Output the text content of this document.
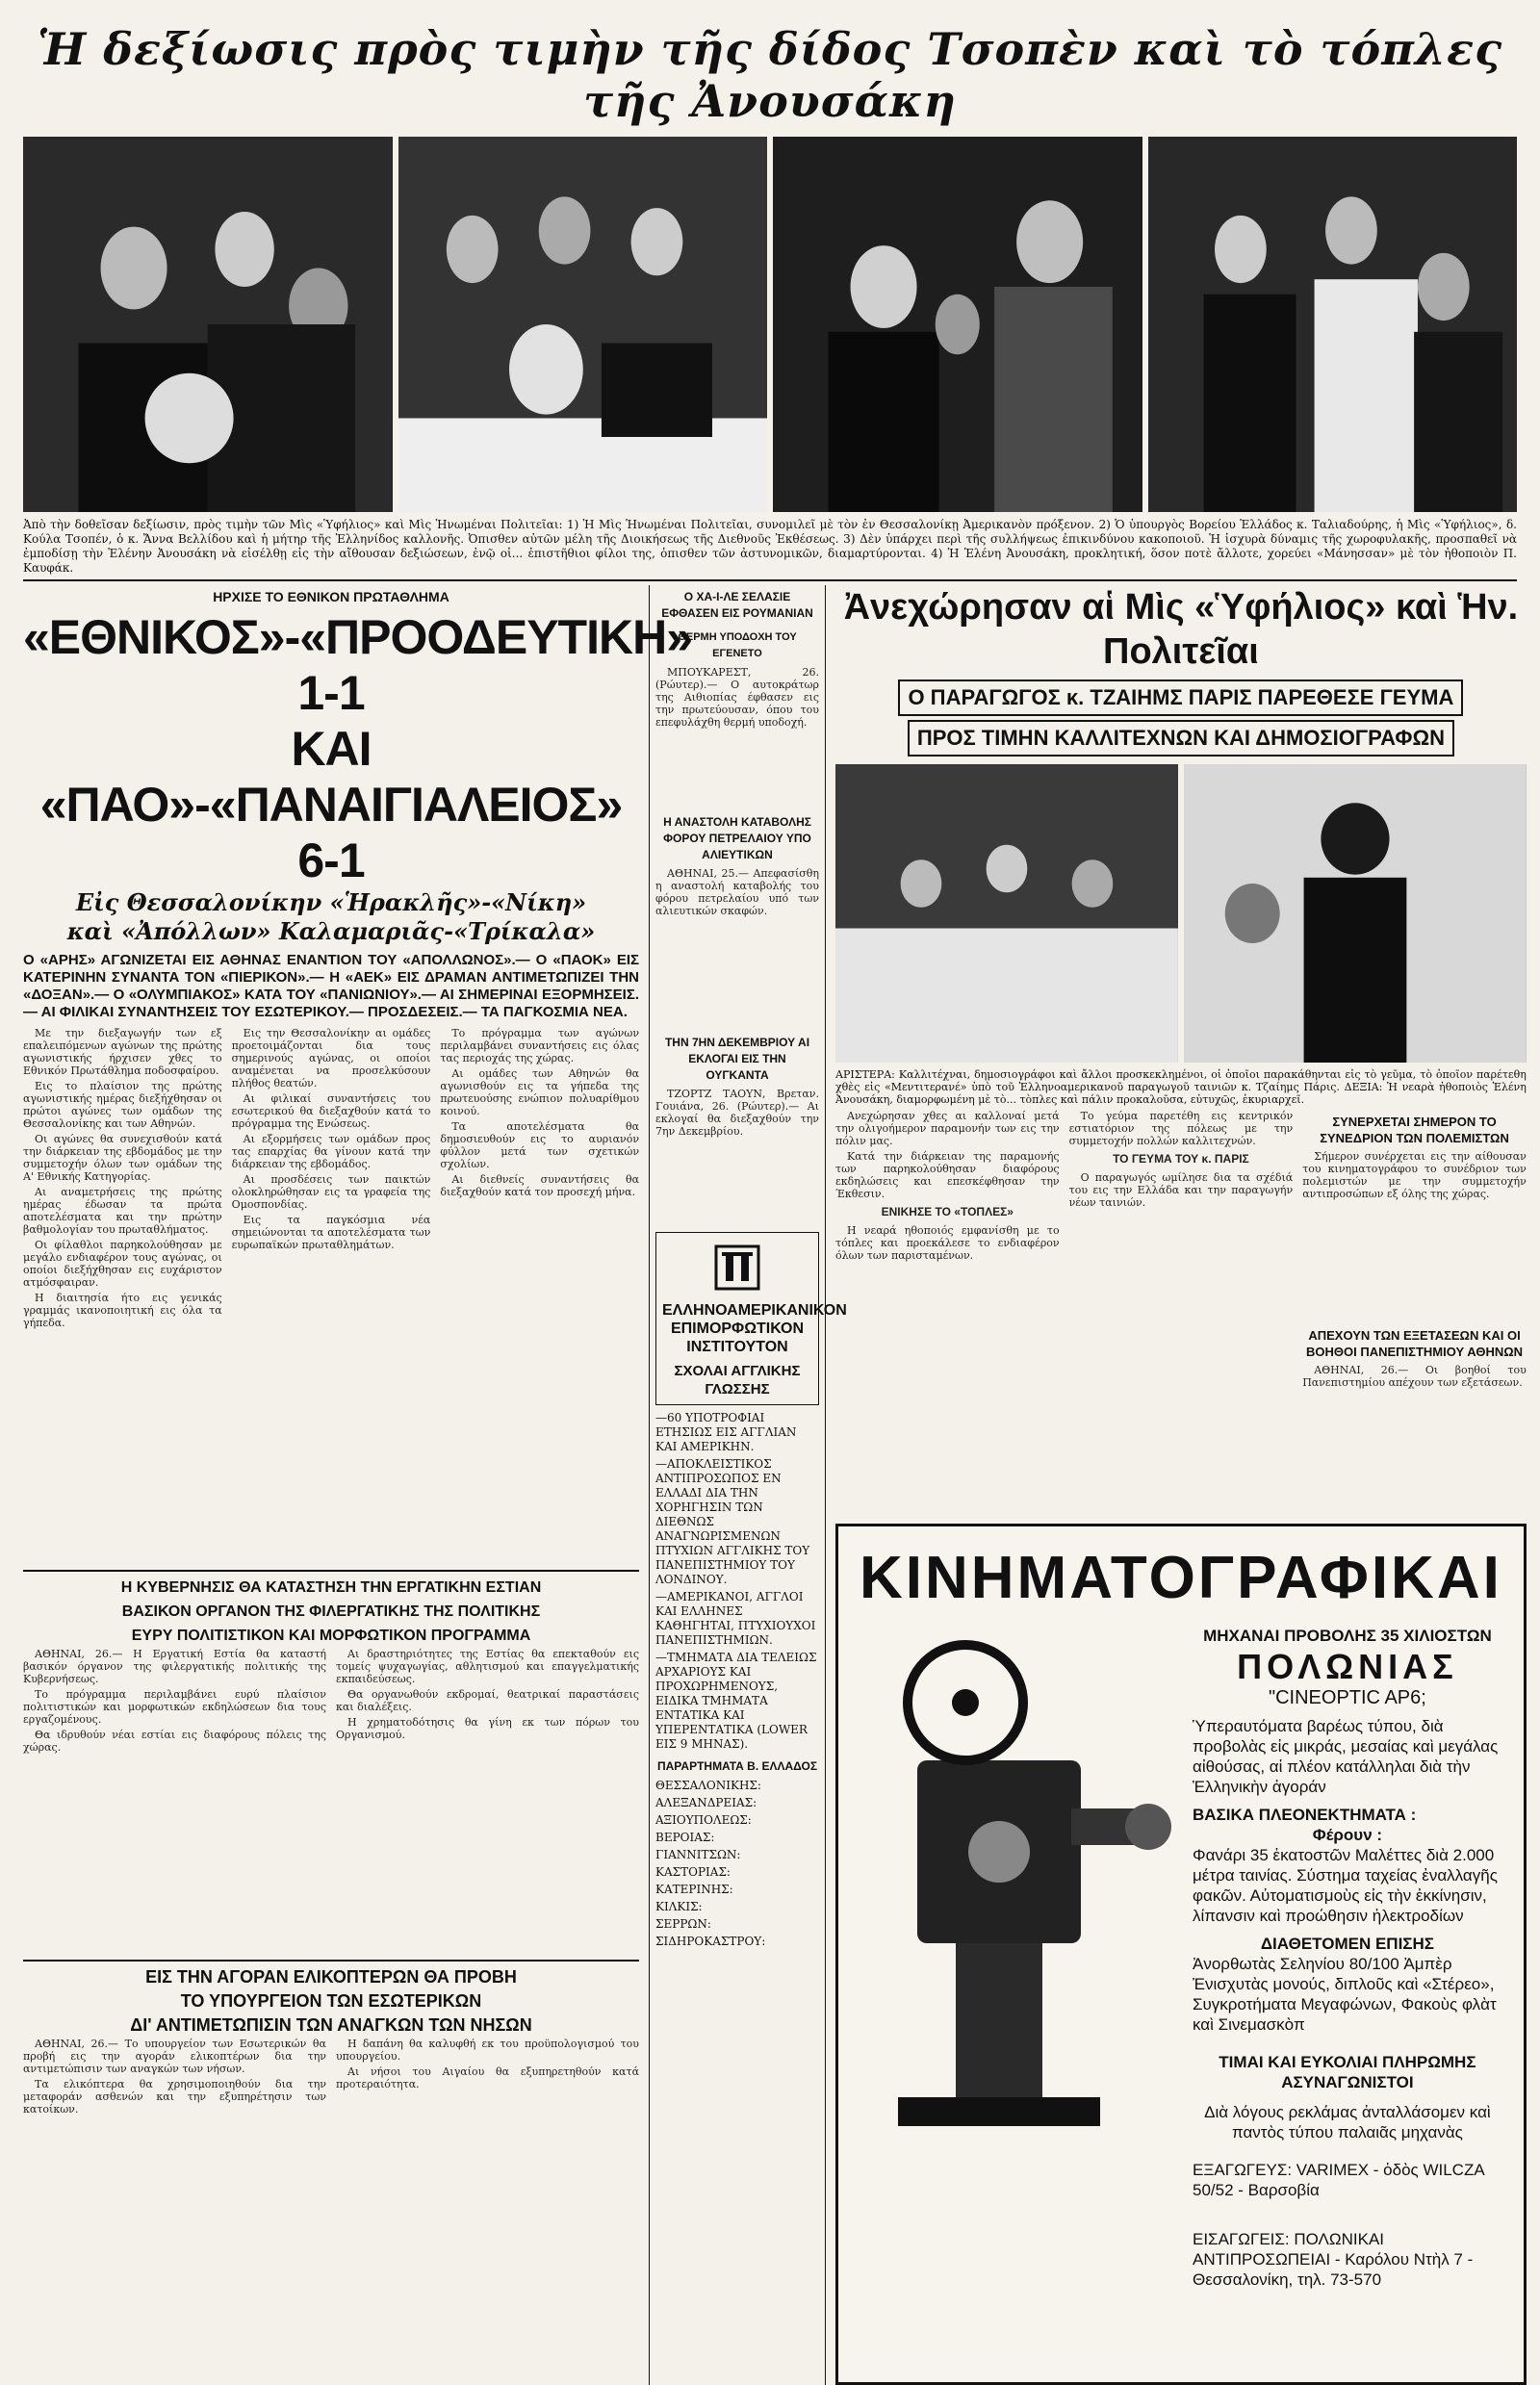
Ἡ δεξίωσις πρὸς τιμὴν τῆς δίδος Τσοπὲν καὶ τὸ τόπλες τῆς Ἀνουσάκη
Ἀπὸ τὴν δοθεῖσαν δεξίωσιν, πρὸς τιμὴν τῶν Μὶς «Ὑφήλιος» καὶ Μὶς Ἡνωμέναι Πολιτεῖαι: 1) Ἡ Μὶς Ἡνωμέναι Πολιτεῖαι, συνομιλεῖ μὲ τὸν ἐν Θεσσαλονίκῃ Ἀμερικανὸν πρόξενον. 2) Ὁ ὑπουργὸς Βορείου Ἑλλάδος κ. Ταλιαδούρης, ἡ Μὶς «Ὑφήλιος», δ. Κούλα Τσοπέν, ὁ κ. Ἄννα Βελλίδου καὶ ἡ μήτηρ τῆς Ἑλληνίδος καλλονῆς. Ὀπισθεν αὐτῶν μέλη τῆς Διοικήσεως τῆς Διεθνοῦς Ἐκθέσεως. 3) Δὲν ὑπάρχει περὶ τῆς συλλήψεως ἐπικινδύνου κακοποιοῦ. Ἡ ἰσχυρὰ δύναμις τῆς χωροφυλακῆς, προσπαθεῖ νὰ ἐμποδίσῃ τὴν Ἑλένην Ἀνουσάκη νὰ εἰσέλθῃ εἰς τὴν αἴθουσαν δεξιώσεων, ἐνῷ οἱ... ἐπιστῆθιοι φίλοι της, ὀπισθεν τῶν ἀστυνομικῶν, διαμαρτύρονται. 4) Ἡ Ἑλένη Ἀνουσάκη, προκλητική, ὅσον ποτὲ ἄλλοτε, χορεύει «Μάνησσαν» μὲ τὸν ἠθοποιὸν Π. Καυφάκ.
ΗΡΧΙΣΕ ΤΟ ΕΘΝΙΚΟΝ ΠΡΩΤΑΘΛΗΜΑ
«ΕΘΝΙΚΟΣ»-«ΠΡΟΟΔΕΥΤΙΚΗ» 1-1
ΚΑΙ «ΠΑΟ»-«ΠΑΝΑΙΓΙΑΛΕΙΟΣ» 6-1
Εἰς Θεσσαλονίκην «Ἡρακλῆς»-«Νίκη»
καὶ «Ἀπόλλων» Καλαμαριᾶς-«Τρίκαλα»
Ο «ΑΡΗΣ» ΑΓΩΝΙΖΕΤΑΙ ΕΙΣ ΑΘΗΝΑΣ ΕΝΑΝΤΙΟΝ ΤΟΥ «ΑΠΟΛΛΩΝΟΣ».— Ο «ΠΑΟΚ» ΕΙΣ ΚΑΤΕΡΙΝΗΝ ΣΥΝΑΝΤΑ ΤΟΝ «ΠΙΕΡΙΚΟΝ».— Η «ΑΕΚ» ΕΙΣ ΔΡΑΜΑΝ ΑΝΤΙΜΕΤΩΠΙΖΕΙ ΤΗΝ «ΔΟΞΑΝ».— Ο «ΟΛΥΜΠΙΑΚΟΣ» ΚΑΤΑ ΤΟΥ «ΠΑΝΙΩΝΙΟΥ».— ΑΙ ΣΗΜΕΡΙΝΑΙ ΕΞΟΡΜΗΣΕΙΣ.— ΑΙ ΦΙΛΙΚΑΙ ΣΥΝΑΝΤΗΣΕΙΣ ΤΟΥ ΕΣΩΤΕΡΙΚΟΥ.— ΠΡΟΣΔΕΣΕΙΣ.— ΤΑ ΠΑΓΚΟΣΜΙΑ ΝΕΑ.

Με την διεξαγωγήν των εξ επαλειπόμενων αγώνων της πρώτης αγωνιστικής ήρχισεν χθες το Εθνικόν Πρωτάθλημα ποδοσφαίρου.

Εις το πλαίσιον της πρώτης αγωνιστικής ημέρας διεξήχθησαν οι πρώτοι αγώνες των ομάδων της Θεσσαλονίκης και των Αθηνών.

Οι αγώνες θα συνεχισθούν κατά την διάρκειαν της εβδομάδος με την συμμετοχήν όλων των ομάδων της Α' Εθνικής Κατηγορίας.

Αι αναμετρήσεις της πρώτης ημέρας έδωσαν τα πρώτα αποτελέσματα και την πρώτην βαθμολογίαν του πρωταθλήματος.

Οι φίλαθλοι παρηκολούθησαν με μεγάλο ενδιαφέρον τους αγώνας, οι οποίοι διεξήχθησαν εις ευχάριστον ατμόσφαιραν.

Η διαιτησία ήτο εις γενικάς γραμμάς ικανοποιητική εις όλα τα γήπεδα.

Εις την Θεσσαλονίκην αι ομάδες προετοιμάζονται δια τους σημερινούς αγώνας, οι οποίοι αναμένεται να προσελκύσουν πλήθος θεατών.

Αι φιλικαί συναντήσεις του εσωτερικού θα διεξαχθούν κατά το πρόγραμμα της Ενώσεως.

Αι εξορμήσεις των ομάδων προς τας επαρχίας θα γίνουν κατά την διάρκειαν της εβδομάδος.

Αι προσδέσεις των παικτών ολοκληρώθησαν εις τα γραφεία της Ομοσπονδίας.

Εις τα παγκόσμια νέα σημειώνονται τα αποτελέσματα των ευρωπαϊκών πρωταθλημάτων.

Το πρόγραμμα των αγώνων περιλαμβάνει συναντήσεις εις όλας τας περιοχάς της χώρας.

Αι ομάδες των Αθηνών θα αγωνισθούν εις τα γήπεδα της πρωτευούσης ενώπιον πολυαρίθμου κοινού.

Τα αποτελέσματα θα δημοσιευθούν εις το αυριανόν φύλλον μετά των σχετικών σχολίων.

Αι διεθνείς συναντήσεις θα διεξαχθούν κατά τον προσεχή μήνα.

Η ΚΥΒΕΡΝΗΣΙΣ ΘΑ ΚΑΤΑΣΤΗΣΗ ΤΗΝ ΕΡΓΑΤΙΚΗΝ ΕΣΤΙΑΝ
ΒΑΣΙΚΟΝ ΟΡΓΑΝΟΝ ΤΗΣ ΦΙΛΕΡΓΑΤΙΚΗΣ ΤΗΣ ΠΟΛΙΤΙΚΗΣ
ΕΥΡΥ ΠΟΛΙΤΙΣΤΙΚΟΝ ΚΑΙ ΜΟΡΦΩΤΙΚΟΝ ΠΡΟΓΡΑΜΜΑ

ΑΘΗΝΑΙ, 26.— Η Εργατική Εστία θα καταστή βασικόν όργανον της φιλεργατικής πολιτικής της Κυβερνήσεως.

Το πρόγραμμα περιλαμβάνει ευρύ πλαίσιον πολιτιστικών και μορφωτικών εκδηλώσεων δια τους εργαζομένους.

Θα ιδρυθούν νέαι εστίαι εις διαφόρους πόλεις της χώρας.

Αι δραστηριότητες της Εστίας θα επεκταθούν εις τομείς ψυχαγωγίας, αθλητισμού και επαγγελματικής εκπαιδεύσεως.

Θα οργανωθούν εκδρομαί, θεατρικαί παραστάσεις και διαλέξεις.

Η χρηματοδότησις θα γίνη εκ των πόρων του Οργανισμού.

ΕΙΣ ΤΗΝ ΑΓΟΡΑΝ ΕΛΙΚΟΠΤΕΡΩΝ ΘΑ ΠΡΟΒΗ
ΤΟ ΥΠΟΥΡΓΕΙΟΝ ΤΩΝ ΕΣΩΤΕΡΙΚΩΝ
ΔΙ' ΑΝΤΙΜΕΤΩΠΙΣΙΝ ΤΩΝ ΑΝΑΓΚΩΝ ΤΩΝ ΝΗΣΩΝ

ΑΘΗΝΑΙ, 26.— Το υπουργείον των Εσωτερικών θα προβή εις την αγοράν ελικοπτέρων δια την αντιμετώπισιν των αναγκών των νήσων.

Τα ελικόπτερα θα χρησιμοποιηθούν δια την μεταφοράν ασθενών και την εξυπηρέτησιν των κατοίκων.

Η δαπάνη θα καλυφθή εκ του προϋπολογισμού του υπουργείου.

Αι νήσοι του Αιγαίου θα εξυπηρετηθούν κατά προτεραιότητα.

Ο ΧΑ-Ι-ΛΕ ΣΕΛΑΣΙΕ ΕΦΘΑΣΕΝ ΕΙΣ ΡΟΥΜΑΝΙΑΝ
ΘΕΡΜΗ ΥΠΟΔΟΧΗ ΤΟΥ ΕΓΕΝΕΤΟ

ΜΠΟΥΚΑΡΕΣΤ, 26. (Ρώυτερ).— Ο αυτοκράτωρ της Αιθιοπίας έφθασεν εις την πρωτεύουσαν, όπου του επεφυλάχθη θερμή υποδοχή.

Η ΑΝΑΣΤΟΛΗ ΚΑΤΑΒΟΛΗΣ ΦΟΡΟΥ ΠΕΤΡΕΛΑΙΟΥ ΥΠΟ ΑΛΙΕΥΤΙΚΩΝ

ΑΘΗΝΑΙ, 25.— Απεφασίσθη η αναστολή καταβολής του φόρου πετρελαίου υπό των αλιευτικών σκαφών.

ΤΗΝ 7ΗΝ ΔΕΚΕΜΒΡΙΟΥ ΑΙ ΕΚΛΟΓΑΙ ΕΙΣ ΤΗΝ ΟΥΓΚΑΝΤΑ

ΤΖΟΡΤΖ ΤΑΟΥΝ, Βρεταν. Γουιάνα, 26. (Ρώυτερ).— Αι εκλογαί θα διεξαχθούν την 7ην Δεκεμβρίου.

ΕΛΛΗΝΟΑΜΕΡΙΚΑΝΙΚΟΝ ΕΠΙΜΟΡΦΩΤΙΚΟΝ ΙΝΣΤΙΤΟΥΤΟΝ
ΣΧΟΛΑΙ ΑΓΓΛΙΚΗΣ ΓΛΩΣΣΗΣ
—60 ΥΠΟΤΡΟΦΙΑΙ ΕΤΗΣΙΩΣ ΕΙΣ ΑΓΓΛΙΑΝ ΚΑΙ ΑΜΕΡΙΚΗΝ.
—ΑΠΟΚΛΕΙΣΤΙΚΟΣ ΑΝΤΙΠΡΟΣΩΠΟΣ ΕΝ ΕΛΛΑΔΙ ΔΙΑ ΤΗΝ ΧΟΡΗΓΗΣΙΝ ΤΩΝ ΔΙΕΘΝΩΣ ΑΝΑΓΝΩΡΙΣΜΕΝΩΝ ΠΤΥΧΙΩΝ ΑΓΓΛΙΚΗΣ ΤΟΥ ΠΑΝΕΠΙΣΤΗΜΙΟΥ ΤΟΥ ΛΟΝΔΙΝΟΥ.
—ΑΜΕΡΙΚΑΝΟΙ, ΑΓΓΛΟΙ ΚΑΙ ΕΛΛΗΝΕΣ ΚΑΘΗΓΗΤΑΙ, ΠΤΥΧΙΟΥΧΟΙ ΠΑΝΕΠΙΣΤΗΜΙΩΝ.
—ΤΜΗΜΑΤΑ ΔΙΑ ΤΕΛΕΙΩΣ ΑΡΧΑΡΙΟΥΣ ΚΑΙ ΠΡΟΧΩΡΗΜΕΝΟΥΣ, ΕΙΔΙΚΑ ΤΜΗΜΑΤΑ ΕΝΤΑΤΙΚΑ ΚΑΙ ΥΠΕΡΕΝΤΑΤΙΚΑ (LOWER ΕΙΣ 9 ΜΗΝΑΣ).
ΠΑΡΑΡΤΗΜΑΤΑ Β. ΕΛΛΑΔΟΣ
ΘΕΣΣΑΛΟΝΙΚΗΣ:
ΑΛΕΞΑΝΔΡΕΙΑΣ:
ΑΞΙΟΥΠΟΛΕΩΣ:
ΒΕΡΟΙΑΣ:
ΓΙΑΝΝΙΤΣΩΝ:
ΚΑΣΤΟΡΙΑΣ:
ΚΑΤΕΡΙΝΗΣ:
ΚΙΛΚΙΣ:
ΣΕΡΡΩΝ:
ΣΙΔΗΡΟΚΑΣΤΡΟΥ:
Ἀνεχώρησαν αἱ Μὶς «Ὑφήλιος» καὶ Ἡν. Πολιτεῖαι
Ο ΠΑΡΑΓΩΓΟΣ κ. ΤΖΑΙΗΜΣ ΠΑΡΙΣ ΠΑΡΕΘΕΣΕ ΓΕΥΜΑ
ΠΡΟΣ ΤΙΜΗΝ ΚΑΛΛΙΤΕΧΝΩΝ ΚΑΙ ΔΗΜΟΣΙΟΓΡΑΦΩΝ
ΑΡΙΣΤΕΡΑ: Καλλιτέχναι, δημοσιογράφοι καὶ ἄλλοι προσκεκλημένοι, οἱ ὁποῖοι παρακάθηνται εἰς τὸ γεῦμα, τὸ ὁποῖον παρέτεθη χθὲς εἰς «Μεντιτερανέ» ὑπὸ τοῦ Ἑλληνοαμερικανοῦ παραγωγοῦ ταινιῶν κ. Τζαίημς Πάρις. ΔΕΞΙΑ: Ἡ νεαρὰ ἠθοποιὸς Ἑλένη Ἀνουσάκη, διαμορφωμένη μὲ τὸ... τὸπλες καὶ πάλιν προκαλοῦσα, εὐτυχῶς, ἐκυριαρχεῖ.

Ανεχώρησαν χθες αι καλλοναί μετά την ολιγοήμερον παραμονήν των εις την πόλιν μας.

Κατά την διάρκειαν της παραμονής των παρηκολούθησαν διαφόρους εκδηλώσεις και επεσκέφθησαν την Έκθεσιν.

ΕΝΙΚΗΣΕ ΤΟ «ΤΟΠΛΕΣ»

Η νεαρά ηθοποιός εμφανίσθη με το τόπλες και προεκάλεσε το ενδιαφέρον όλων των παρισταμένων.

Το γεύμα παρετέθη εις κεντρικόν εστιατόριον της πόλεως με την συμμετοχήν πολλών καλλιτεχνών.

ΤΟ ΓΕΥΜΑ ΤΟΥ κ. ΠΑΡΙΣ

Ο παραγωγός ωμίλησε δια τα σχέδιά του εις την Ελλάδα και την παραγωγήν νέων ταινιών.

ΣΥΝΕΡΧΕΤΑΙ ΣΗΜΕΡΟΝ ΤΟ ΣΥΝΕΔΡΙΟΝ ΤΩΝ ΠΟΛΕΜΙΣΤΩΝ

Σήμερον συνέρχεται εις την αίθουσαν του κινηματογράφου το συνέδριον των πολεμιστών με την συμμετοχήν αντιπροσώπων εξ όλης της χώρας.

ΑΠΕΧΟΥΝ ΤΩΝ ΕΞΕΤΑΣΕΩΝ ΚΑΙ ΟΙ ΒΟΗΘΟΙ ΠΑΝΕΠΙΣΤΗΜΙΟΥ ΑΘΗΝΩΝ

ΑΘΗΝΑΙ, 26.— Οι βοηθοί του Πανεπιστημίου απέχουν των εξετάσεων.

ΚΙΝΗΜΑΤΟΓΡΑΦΙΚΑΙ
ΜΗΧΑΝΑΙ ΠΡΟΒΟΛΗΣ 35 ΧΙΛΙΟΣΤΩΝ
ΠΟΛΩΝΙΑΣ
"CINEOPTIC AP6;
Ὑπεραυτόματα βαρέως τύπου, διὰ προβολὰς εἰς μικράς, μεσαίας καὶ μεγάλας αἰθούσας, αἱ πλέον κατάλληλαι διὰ τὴν Ἑλληνικὴν ἀγοράν
ΒΑΣΙΚΑ ΠΛΕΟΝΕΚΤΗΜΑΤΑ :
Φέρουν :
Φανάρι 35 ἑκατοστῶν Μαλέττες διὰ 2.000 μέτρα ταινίας. Σύστημα ταχείας ἐναλλαγῆς φακῶν. Αὐτοματισμοὺς εἰς τὴν ἐκκίνησιν, λίπανσιν καὶ προώθησιν ἠλεκτροδίων
ΔΙΑΘΕΤΟΜΕΝ ΕΠΙΣΗΣ
Ἀνορθωτὰς Σεληνίου 80/100 Ἀμπὲρ Ἐνισχυτὰς μονούς, διπλοῦς καὶ «Στέρεο», Συγκροτήματα Μεγαφώνων, Φακοὺς φλὰτ καὶ Σινεμασκὸπ
ΤΙΜΑΙ ΚΑΙ ΕΥΚΟΛΙΑΙ ΠΛΗΡΩΜΗΣ ΑΣΥΝΑΓΩΝΙΣΤΟΙ
Διὰ λόγους ρεκλάμας ἀνταλλάσομεν καὶ παντὸς τύπου παλαιᾶς μηχανὰς
ΕΞΑΓΩΓΕΥΣ: VARIMEX - ὁδὸς WILCZA 50/52 - Βαρσοβία
ΕΙΣΑΓΩΓΕΙΣ: ΠΟΛΩΝΙΚΑΙ ΑΝΤΙΠΡΟΣΩΠΕΙΑΙ - Καρόλου Ντὴλ 7 - Θεσσαλονίκη, τηλ. 73-570
